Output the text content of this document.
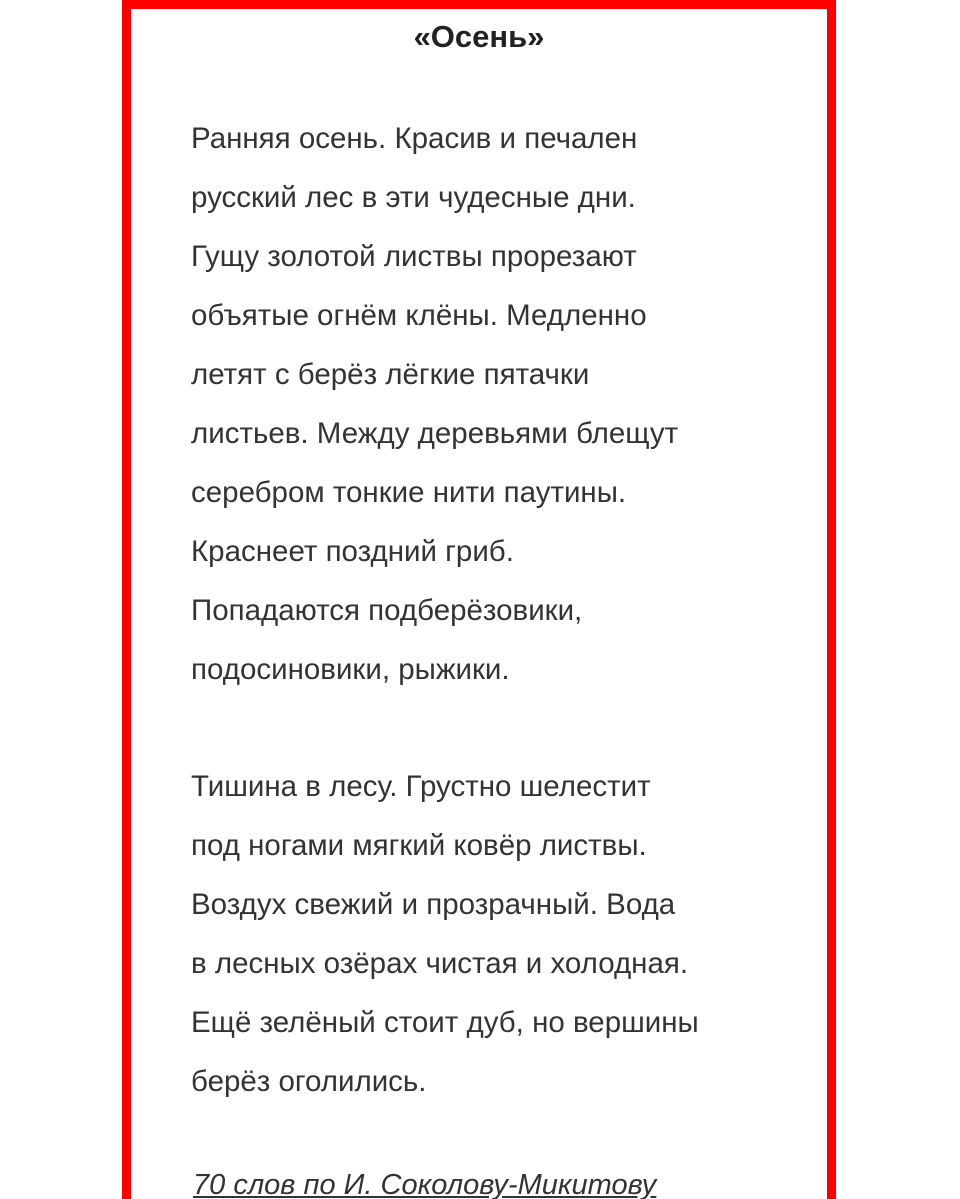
«Осень»

Ранняя осень. Красив и печален
русский лес в эти чудесные дни.
Гущу золотой листвы прорезают
объятые огнём клёны. Медленно
летят с берёз лёгкие пятачки
листьев. Между деревьями блещут
серебром тонкие нити паутины.
Краснеет поздний гриб.
Попадаются подберёзовики,
подосиновики, рыжики.

Тишина в лесу. Грустно шелестит
под ногами мягкий ковёр листвы.
Воздух свежий и прозрачный. Вода
в лесных озёрах чистая и холодная.
Ещё зелёный стоит дуб, но вершины
берёз оголились.

70 слов по И. Соколову-Микитову
